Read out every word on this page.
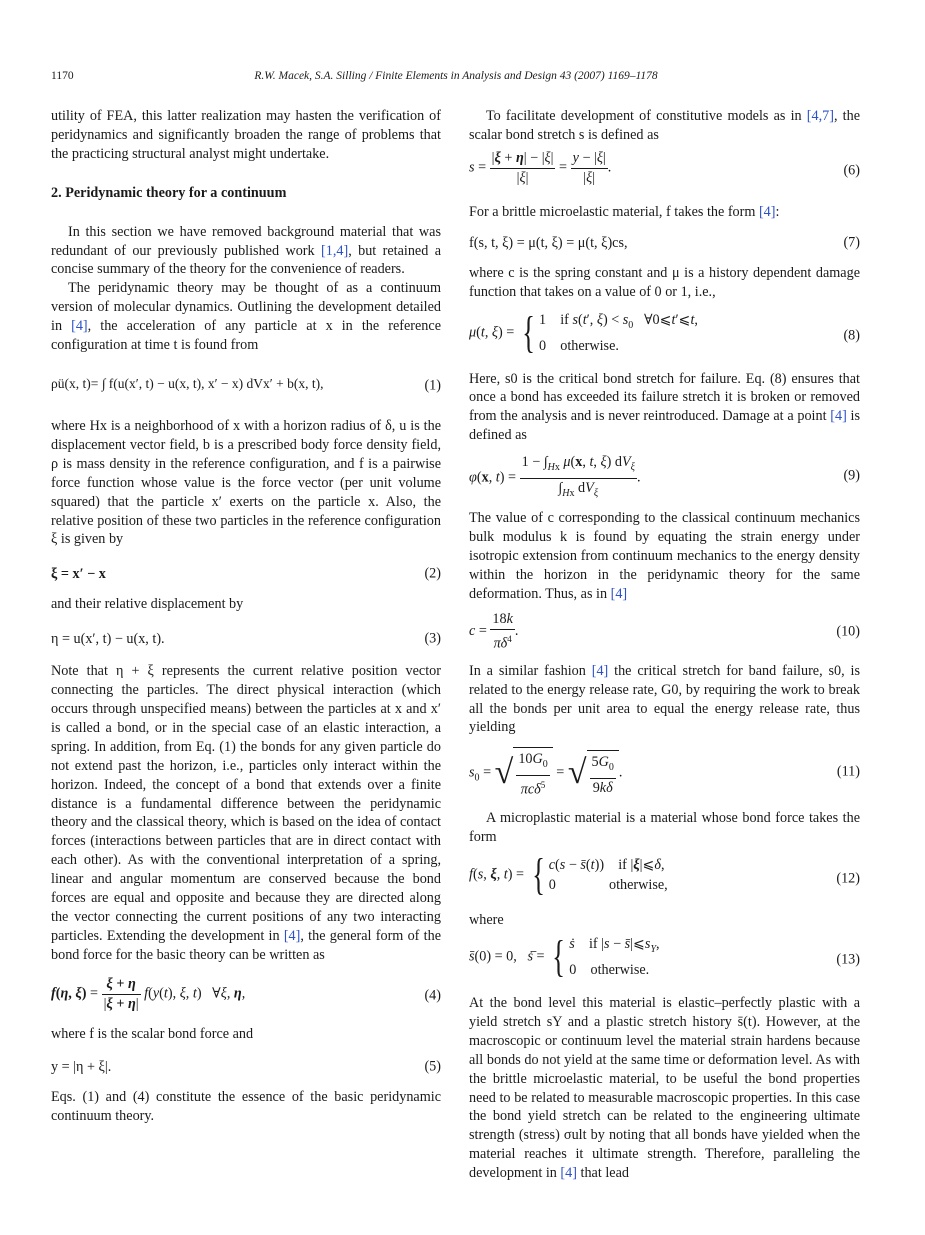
1170	R.W. Macek, S.A. Silling / Finite Elements in Analysis and Design 43 (2007) 1169–1178

utility of FEA, this latter realization may hasten the verification of peridynamics and significantly broaden the range of problems that the practicing structural analyst might undertake.

2. Peridynamic theory for a continuum

In this section we have removed background material that was redundant of our previously published work [1,4], but retained a concise summary of the theory for the convenience of readers.

The peridynamic theory may be thought of as a continuum version of molecular dynamics. Outlining the development detailed in [4], the acceleration of any particle at x in the reference configuration at time t is found from

ρü(x, t)= ∫ f(u(x′, t) − u(x, t), x′ − x) dVx′ + b(x, t),	(1)

where Hx is a neighborhood of x with a horizon radius of δ, u is the displacement vector field, b is a prescribed body force density field, ρ is mass density in the reference configuration, and f is a pairwise force function whose value is the force vector (per unit volume squared) that the particle x′ exerts on the particle x. Also, the relative position of these two particles in the reference configuration ξ is given by

ξ = x′ − x	(2)

and their relative displacement by

η = u(x′, t) − u(x, t).	(3)

Note that η + ξ represents the current relative position vector connecting the particles. The direct physical interaction (which occurs through unspecified means) between the particles at x and x′ is called a bond, or in the special case of an elastic interaction, a spring. In addition, from Eq. (1) the bonds for any given particle do not extend past the horizon, i.e., particles only interact within the horizon. Indeed, the concept of a bond that extends over a finite distance is a fundamental difference between the peridynamic theory and the classical theory, which is based on the idea of contact forces (interactions between particles that are in direct contact with each other). As with the conventional interpretation of a spring, linear and angular momentum are conserved because the bond forces are equal and opposite and because they are directed along the vector connecting the current positions of any two interacting particles. Extending the development in [4], the general form of the bond force for the basic theory can be written as

f(η, $\xi) = \frac{\xi + \eta}{|\xi + \eta|} f(y(t)$, ξ, t)   ∀ξ, η,	(4)

where f is the scalar bond force and

y = |η + ξ|.	(5)

Eqs. (1) and (4) constitute the essence of the basic peridynamic continuum theory.

To facilitate development of constitutive models as in [4,7], the scalar bond stretch s is defined as

$s = \frac{|\xi + \eta| - |\xi|}{|\xi|} = \frac{y - |\xi|}{|\xi|}$ .	(6)

For a brittle microelastic material, f takes the form [4]:

f(s, t, ξ) = μ(t, ξ) = μ(t, ξ)cs,	(7)

where c is the spring constant and μ is a history dependent damage function that takes on a value of 0 or 1, i.e.,

μ(t, ξ) = { 1    if s(t′, $\xi) < s_0$   ∀0⩽t′⩽t,
0    otherwise.
(8)

Here, s0 is the critical bond stretch for failure. Eq. (8) ensures that once a bond has exceeded its failure stretch it is broken or removed from the analysis and is never reintroduced. Damage at a point [4] is defined as

φ(x, t) =
$1 - \int_{Hx}$ μ(x, t, ξ) $dV_\xi$
$\int_{Hx}$ $dV_\xi$
.	(9)

The value of c corresponding to the classical continuum mechanics bulk modulus k is found by equating the strain energy under isotropic extension from continuum mechanics to the energy density within the horizon in the peridynamic theory for the same deformation. Thus, as in [4]

$c = \frac{18k}{\pi\delta^4}$ .	(10)

In a similar fashion [4] the critical stretch for band failure, s0, is related to the energy release rate, G0, by requiring the work to break all the bonds per unit area to equal the energy release rate, thus yielding

$s_0$ = √ $10G_0$
πcδ$^5$
= √ $\frac{5G_0}{9k\delta}$ .	(11)

A microplastic material is a material whose bond force takes the form

f(s, ξ, t) = { c(s − s̄(t))    if |ξ|⩽δ,
0               otherwise,	(12)

where

s̄(0) = 0,   ṡ̄ = { ṡ    if $|s - s̄|⩽s_Y$,
0    otherwise.
(13)

At the bond level this material is elastic–perfectly plastic with a yield stretch sY and a plastic stretch history s̄(t). However, at the macroscopic or continuum level the material strain hardens because all bonds do not yield at the same time or deformation level. As with the brittle microelastic material, to be useful the bond properties need to be related to measurable macroscopic properties. In this case the bond yield stretch can be related to the engineering ultimate strength (stress) σult by noting that all bonds have yielded when the material reaches it ultimate strength. Therefore, paralleling the development in [4] that lead
